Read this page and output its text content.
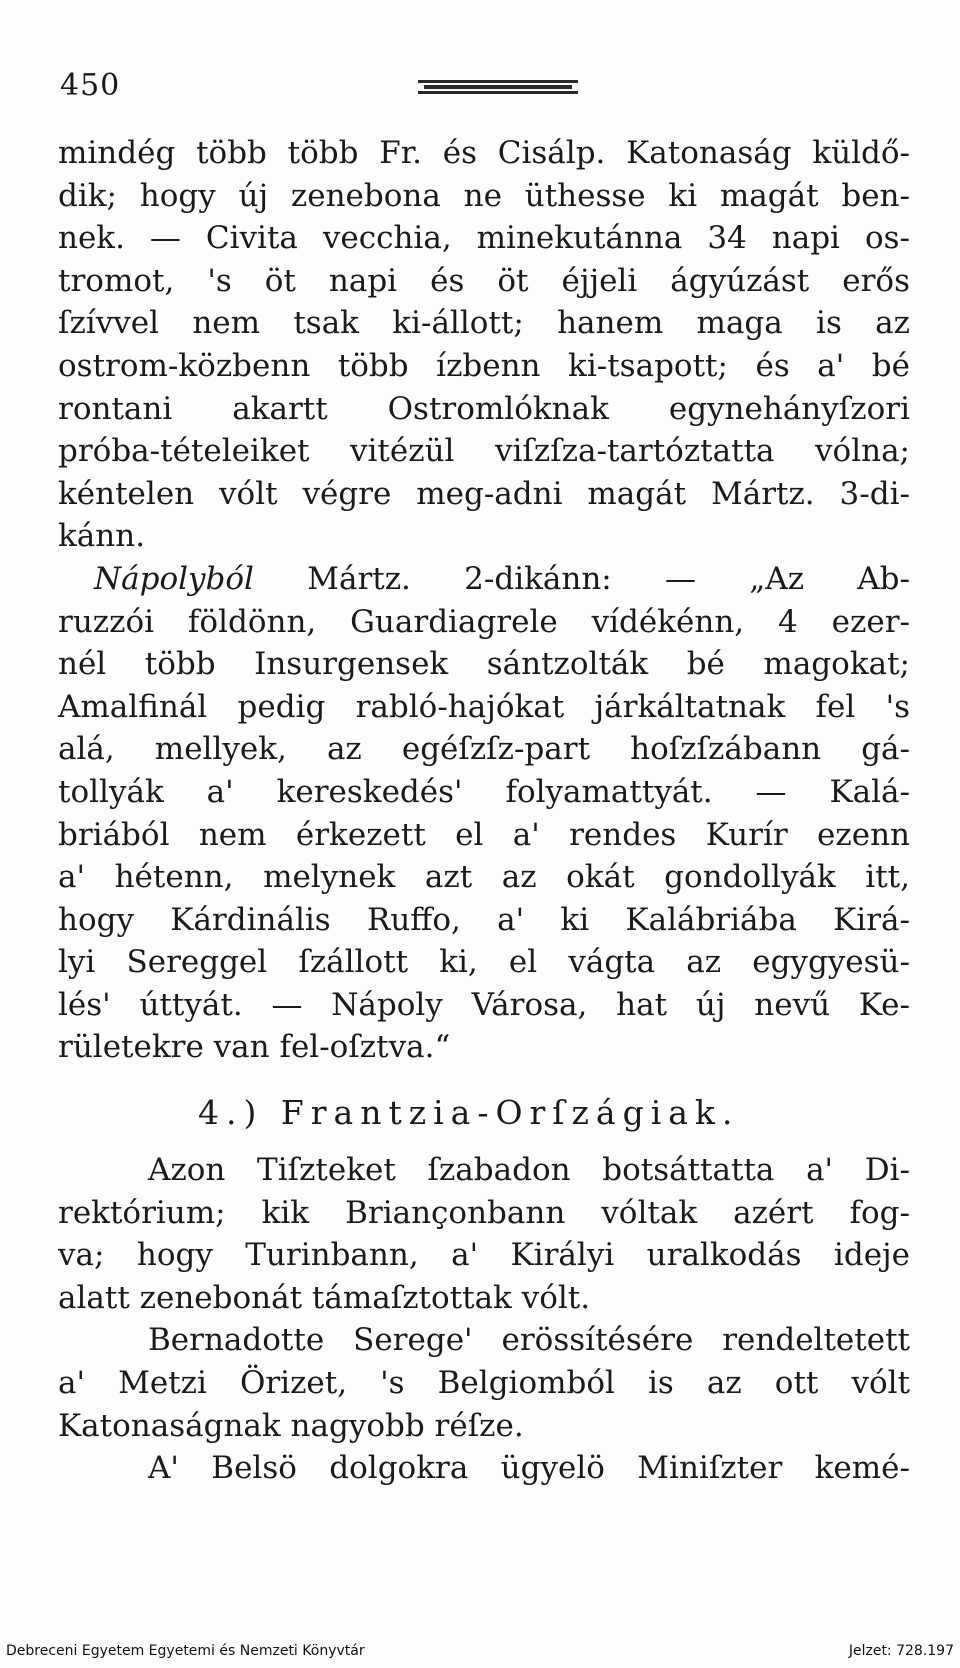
450
mindég több több Fr. és Cisálp. Katonaság küldő-
dik; hogy új zenebona ne üthesse ki magát ben-
nek. — Civita vecchia, minekutánna 34 napi os-
tromot, 's öt napi és öt éjjeli ágyúzást erős
ſzívvel nem tsak ki-állott; hanem maga is az
ostrom-közbenn több ízbenn ki-tsapott; és a' bé
rontani akartt Ostromlóknak egynehányſzori
próba-tételeiket vitézül viſzſza-tartóztatta vólna;
kéntelen vólt végre meg-adni magát Mártz. 3-di-
kánn.
Nápolyból Mártz. 2-dikánn: — „Az Ab-
ruzzói földönn, Guardiagrele vídékénn, 4 ezer-
nél több Insurgensek sántzolták bé magokat;
Amalfinál pedig rabló-hajókat járkáltatnak fel 's
alá, mellyek, az egéſzſz-part hoſzſzábann gá-
tollyák a' kereskedés' folyamattyát. — Kalá-
briából nem érkezett el a' rendes Kurír ezenn
a' hétenn, melynek azt az okát gondollyák itt,
hogy Kárdinális Ruffo, a' ki Kalábriába Kirá-
lyi Sereggel ſzállott ki, el vágta az egygyesü-
lés' úttyát. — Nápoly Városa, hat új nevű Ke-
rületekre van fel-oſztva.“
4.) Frantzia-Orſzágiak.
Azon Tiſzteket ſzabadon botsáttatta a' Di-
rektórium; kik Briançonbann vóltak azért fog-
va; hogy Turinbann, a' Királyi uralkodás ideje
alatt zenebonát támaſztottak vólt.
Bernadotte Serege' erössítésére rendeltetett
a' Metzi Örizet, 's Belgiomból is az ott vólt
Katonaságnak nagyobb réſze.
A' Belsö dolgokra ügyelö Miniſzter kemé-
Debreceni Egyetem Egyetemi és Nemzeti Könyvtár	Jelzet: 728.197
